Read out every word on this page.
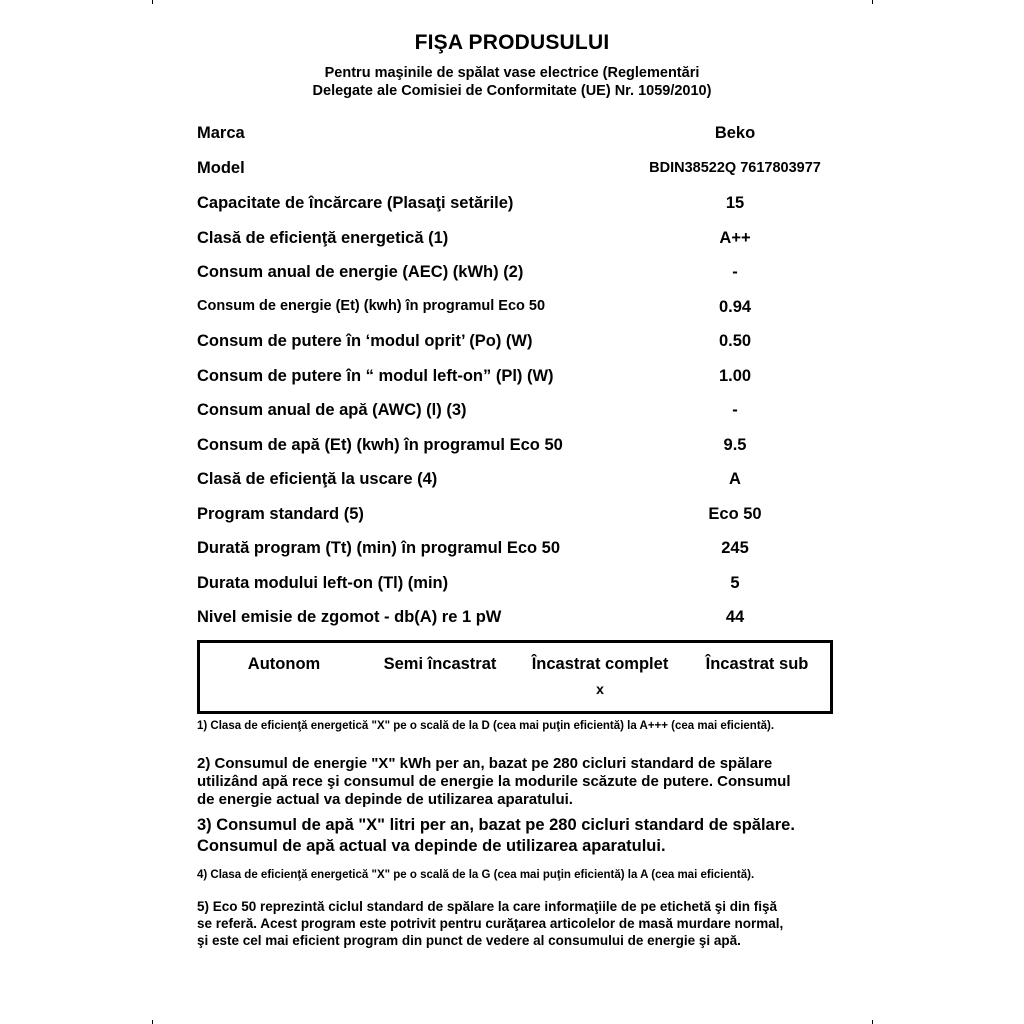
FIŞA PRODUSULUI
Pentru maşinile de spălat vase electrice (Reglementări
Delegate ale Comisiei de Conformitate (UE) Nr. 1059/2010)
Marca	Beko
Model	BDIN38522Q 7617803977
Capacitate de încărcare (Plasaţi setările)	15
Clasă de eficienţă energetică (1)	A++
Consum anual de energie (AEC) (kWh) (2)	-
Consum de energie (Et) (kwh) în programul Eco 50	0.94
Consum de putere în ‘modul oprit’ (Po) (W)	0.50
Consum de putere în “ modul left-on” (Pl) (W)	1.00
Consum anual de apă (AWC) (l) (3)	-
Consum de apă (Et) (kwh) în programul Eco 50	9.5
Clasă de eficienţă la uscare (4)	A
Program standard (5)	Eco 50
Durată program (Tt) (min) în programul Eco 50	245
Durata modului left-on (Tl) (min)	5
Nivel emisie de zgomot - db(A) re 1 pW	44
Autonom	Semi încastrat Încastrat complet Încastrat sub
x
1) Clasa de eficienţă energetică "X" pe o scală de la D (cea mai puţin eficientă) la A+++ (cea mai eficientă).
2) Consumul de energie "X" kWh per an, bazat pe 280 cicluri standard de spălare
utilizând apă rece şi consumul de energie la modurile scăzute de putere. Consumul
de energie actual va depinde de utilizarea aparatului.
3) Consumul de apă "X" litri per an, bazat pe 280 cicluri standard de spălare.
Consumul de apă actual va depinde de utilizarea aparatului.
4) Clasa de eficienţă energetică "X" pe o scală de la G (cea mai puţin eficientă) la A (cea mai eficientă).
5) Eco 50 reprezintă ciclul standard de spălare la care informaţiile de pe etichetă şi din fişă
se referă. Acest program este potrivit pentru curăţarea articolelor de masă murdare normal,
şi este cel mai eficient program din punct de vedere al consumului de energie şi apă.
